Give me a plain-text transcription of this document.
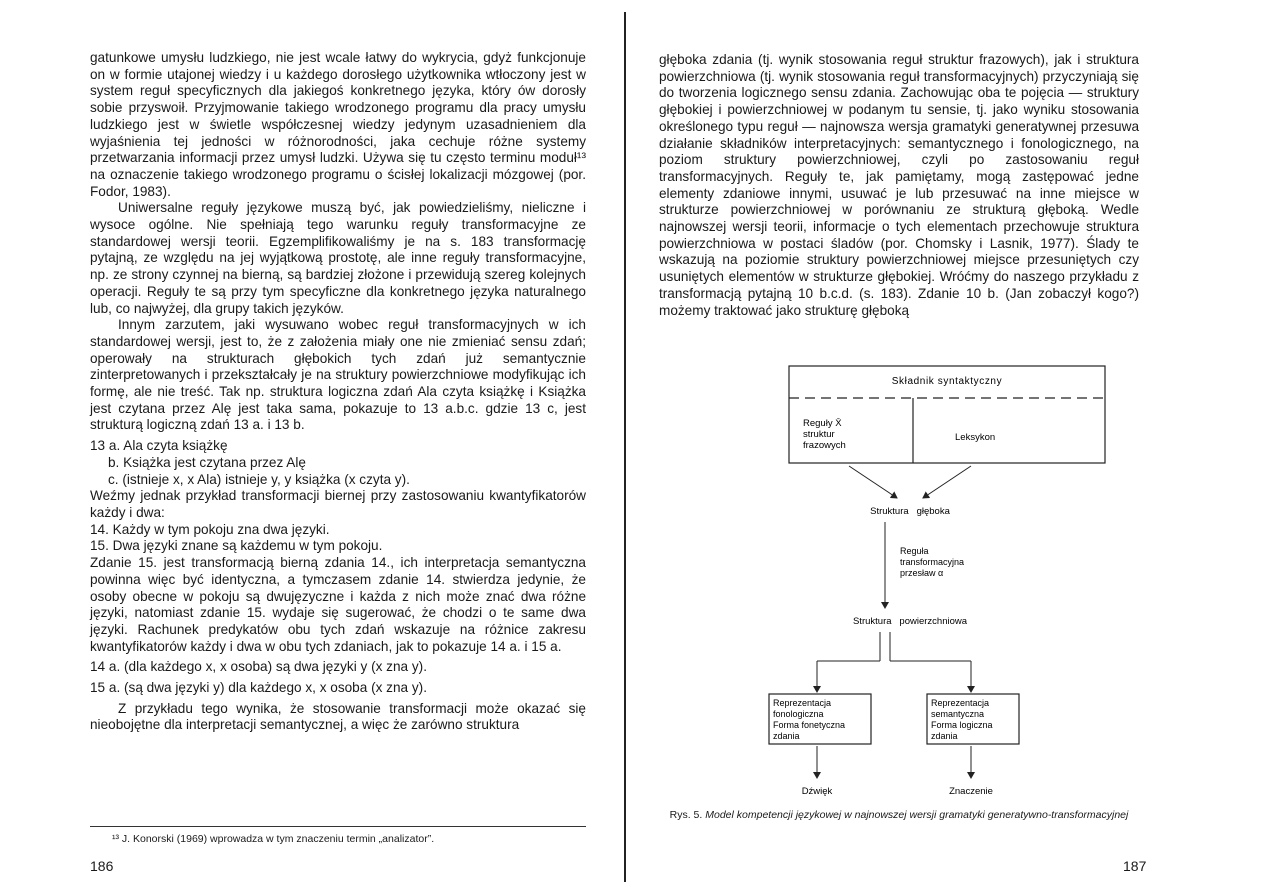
gatunkowe umysłu ludzkiego, nie jest wcale łatwy do wykrycia, gdyż funkcjonuje on w formie utajonej wiedzy i u każdego dorosłego użytkownika wtłoczony jest w system reguł specyficznych dla jakiegoś konkretnego języka, który ów dorosły sobie przyswoił. Przyjmowanie takiego wrodzonego programu dla pracy umysłu ludzkiego jest w świetle współczesnej wiedzy jedynym uzasadnieniem dla wyjaśnienia tej jedności w różnorodności, jaka cechuje różne systemy przetwarzania informacji przez umysł ludzki. Używa się tu często terminu moduł¹³ na oznaczenie takiego wrodzonego programu o ścisłej lokalizacji mózgowej (por. Fodor, 1983).

Uniwersalne reguły językowe muszą być, jak powiedzieliśmy, nieliczne i wysoce ogólne. Nie spełniają tego warunku reguły transformacyjne ze standardowej wersji teorii. Egzemplifikowaliśmy je na s. 183 transformację pytajną, ze względu na jej wyjątkową prostotę, ale inne reguły transformacyjne, np. ze strony czynnej na bierną, są bardziej złożone i przewidują szereg kolejnych operacji. Reguły te są przy tym specyficzne dla konkretnego języka naturalnego lub, co najwyżej, dla grupy takich języków.

Innym zarzutem, jaki wysuwano wobec reguł transformacyjnych w ich standardowej wersji, jest to, że z założenia miały one nie zmieniać sensu zdań; operowały na strukturach głębokich tych zdań już semantycznie zinterpretowanych i przekształcały je na struktury powierzchniowe modyfikując ich formę, ale nie treść. Tak np. struktura logiczna zdań Ala czyta książkę i Książka jest czytana przez Alę jest taka sama, pokazuje to 13 a.b.c. gdzie 13 c, jest strukturą logiczną zdań 13 a. i 13 b.

13 a. Ala czyta książkę

b. Książka jest czytana przez Alę

c. (istnieje x, x Ala) istnieje y, y książka (x czyta y).

Weźmy jednak przykład transformacji biernej przy zastosowaniu kwantyfikatorów każdy i dwa:

14. Każdy w tym pokoju zna dwa języki.

15. Dwa języki znane są każdemu w tym pokoju.

Zdanie 15. jest transformacją bierną zdania 14., ich interpretacja semantyczna powinna więc być identyczna, a tymczasem zdanie 14. stwierdza jedynie, że osoby obecne w pokoju są dwujęzyczne i każda z nich może znać dwa różne języki, natomiast zdanie 15. wydaje się sugerować, że chodzi o te same dwa języki. Rachunek predykatów obu tych zdań wskazuje na różnice zakresu kwantyfikatorów każdy i dwa w obu tych zdaniach, jak to pokazuje 14 a. i 15 a.

14 a. (dla każdego x, x osoba) są dwa języki y (x zna y).

15 a. (są dwa języki y) dla każdego x, x osoba (x zna y).

Z przykładu tego wynika, że stosowanie transformacji może okazać się nieobojętne dla interpretacji semantycznej, a więc że zarówno struktura

¹³ J. Konorski (1969) wprowadza w tym znaczeniu termin „analizator”.
186

głęboka zdania (tj. wynik stosowania reguł struktur frazowych), jak i struktura powierzchniowa (tj. wynik stosowania reguł transformacyjnych) przyczyniają się do tworzenia logicznego sensu zdania. Zachowując oba te pojęcia — struktury głębokiej i powierzchniowej w podanym tu sensie, tj. jako wyniku stosowania określonego typu reguł — najnowsza wersja gramatyki generatywnej przesuwa działanie składników interpretacyjnych: semantycznego i fonologicznego, na poziom struktury powierzchniowej, czyli po zastosowaniu reguł transformacyjnych. Reguły te, jak pamiętamy, mogą zastępować jedne elementy zdaniowe innymi, usuwać je lub przesuwać na inne miejsce w strukturze powierzchniowej w porównaniu ze strukturą głęboką. Wedle najnowszej wersji teorii, informacje o tych elementach przechowuje struktura powierzchniowa w postaci śladów (por. Chomsky i Lasnik, 1977). Ślady te wskazują na poziomie struktury powierzchniowej miejsce przesuniętych czy usuniętych elementów w strukturze głębokiej. Wróćmy do naszego przykładu z transformacją pytajną 10 b.c.d. (s. 183). Zdanie 10 b. (Jan zobaczył kogo?) możemy traktować jako strukturę głęboką

Składnik syntaktyczny
Reguły X̄ struktur frazowych
Leksykon
Struktura   głęboka
Reguła transformacyjna przesław α
Struktura   powierzchniowa
Reprezentacja fonologiczna Forma fonetyczna zdania
Reprezentacja semantyczna Forma logiczna zdania
Dźwięk	Znaczenie
Rys. 5. Model kompetencji językowej w najnowszej wersji gramatyki generatywno-transformacyjnej
187
